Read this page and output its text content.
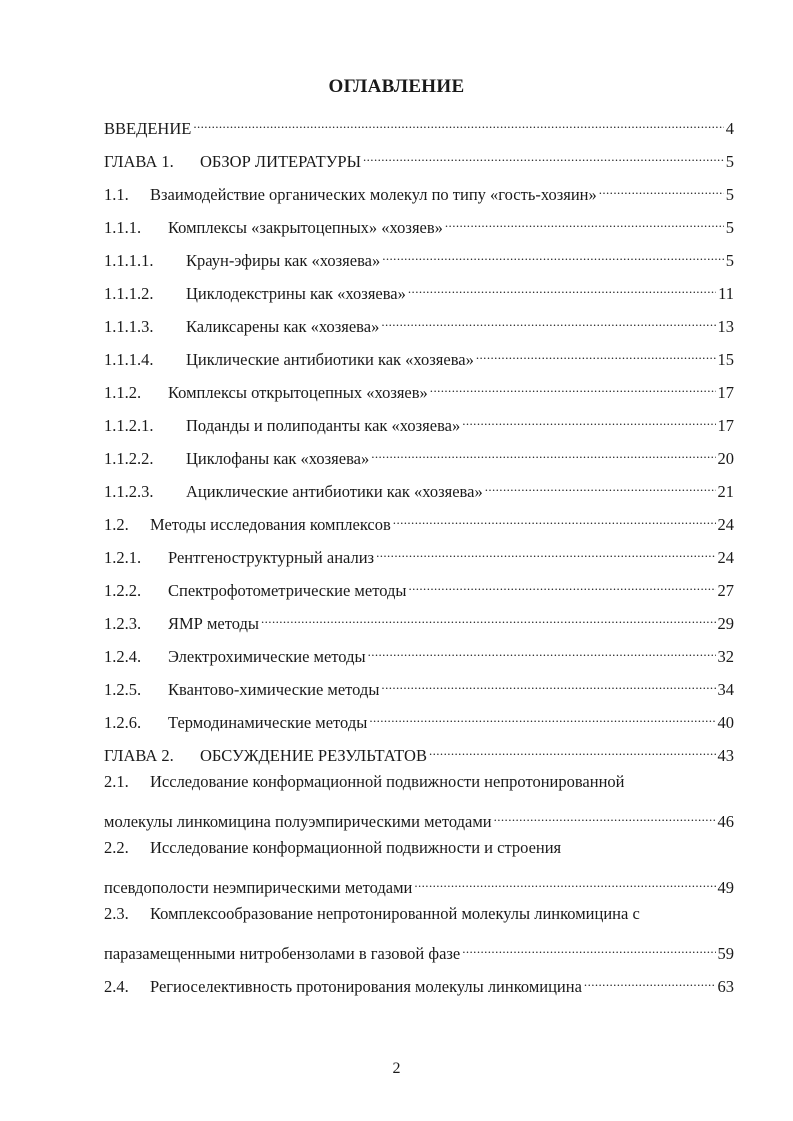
ОГЛАВЛЕНИЕ
ВВЕДЕНИЕ .....	4
ГЛАВА 1.	ОБЗОР ЛИТЕРАТУРЫ .....	5
1.1.	Взаимодействие органических молекул по типу «гость-хозяин» .....	5
1.1.1.	Комплексы «закрытоцепных» «хозяев» .....	5
1.1.1.1.	Краун-эфиры как «хозяева» .....	5
1.1.1.2.	Циклодекстрины как «хозяева» .....	11
1.1.1.3.	Каликсарены как «хозяева» .....	13
1.1.1.4.	Циклические антибиотики как «хозяева» .....	15
1.1.2.	Комплексы открытоцепных «хозяев» .....	17
1.1.2.1.	Поданды и полиподанты как «хозяева» .....	17
1.1.2.2.	Циклофаны как «хозяева» .....	20
1.1.2.3.	Ациклические антибиотики как «хозяева» .....	21
1.2.	Методы исследования комплексов .....	24
1.2.1.	Рентгеноструктурный анализ .....	24
1.2.2.	Спектрофотометрические методы .....	27
1.2.3.	ЯМР методы .....	29
1.2.4.	Электрохимические методы .....	32
1.2.5.	Квантово-химические методы .....	34
1.2.6.	Термодинамические методы .....	40
ГЛАВА 2.	ОБСУЖДЕНИЕ РЕЗУЛЬТАТОВ .....	43
2.1. Исследование конформационной подвижности непротонированной
молекулы линкомицина полуэмпирическими методами .....	46
2.2. Исследование конформационной подвижности и строения
псевдополости неэмпирическими методами .....	49
2.3. Комплексообразование непротонированной молекулы линкомицина с
паразамещенными нитробензолами в газовой фазе .....	59
2.4.	Региоселективность протонирования молекулы линкомицина .....	63
2
